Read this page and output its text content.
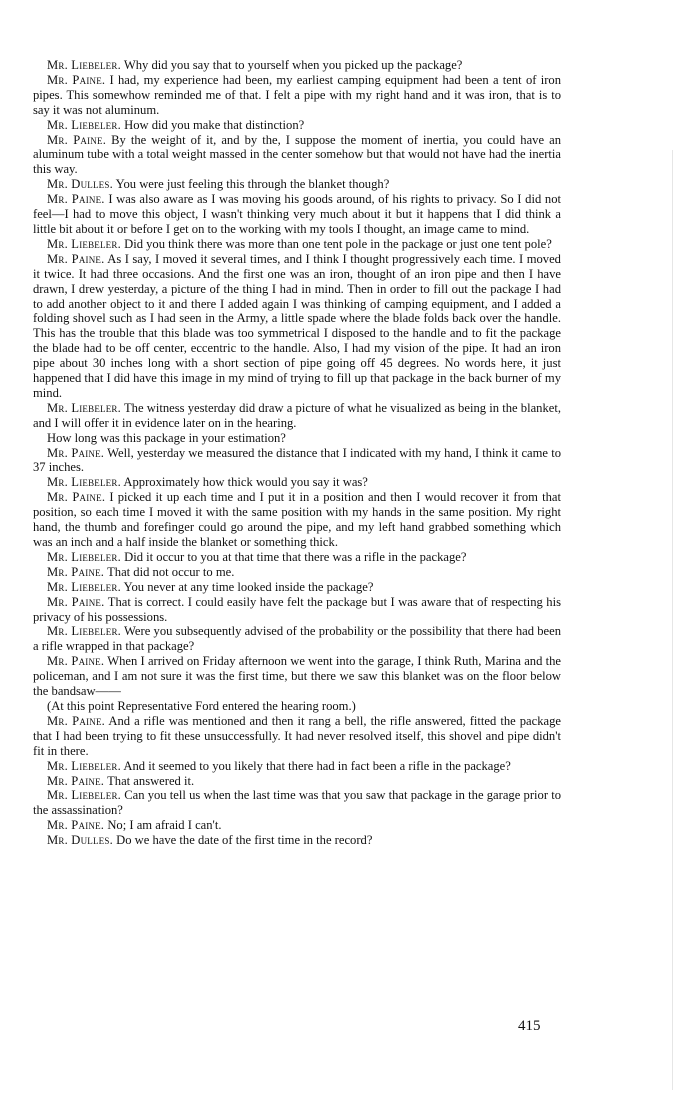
Mr. Liebeler. Why did you say that to yourself when you picked up the package?

Mr. Paine. I had, my experience had been, my earliest camping equipment had been a tent of iron pipes. This somewhow reminded me of that. I felt a pipe with my right hand and it was iron, that is to say it was not aluminum.

Mr. Liebeler. How did you make that distinction?

Mr. Paine. By the weight of it, and by the, I suppose the moment of inertia, you could have an aluminum tube with a total weight massed in the center somehow but that would not have had the inertia this way.

Mr. Dulles. You were just feeling this through the blanket though?

Mr. Paine. I was also aware as I was moving his goods around, of his rights to privacy. So I did not feel—I had to move this object, I wasn't thinking very much about it but it happens that I did think a little bit about it or before I get on to the working with my tools I thought, an image came to mind.

Mr. Liebeler. Did you think there was more than one tent pole in the package or just one tent pole?

Mr. Paine. As I say, I moved it several times, and I think I thought progressively each time. I moved it twice. It had three occasions. And the first one was an iron, thought of an iron pipe and then I have drawn, I drew yesterday, a picture of the thing I had in mind. Then in order to fill out the package I had to add another object to it and there I added again I was thinking of camping equipment, and I added a folding shovel such as I had seen in the Army, a little spade where the blade folds back over the handle. This has the trouble that this blade was too symmetrical I disposed to the handle and to fit the package the blade had to be off center, eccentric to the handle. Also, I had my vision of the pipe. It had an iron pipe about 30 inches long with a short section of pipe going off 45 degrees. No words here, it just happened that I did have this image in my mind of trying to fill up that package in the back burner of my mind.

Mr. Liebeler. The witness yesterday did draw a picture of what he visualized as being in the blanket, and I will offer it in evidence later on in the hearing.

How long was this package in your estimation?

Mr. Paine. Well, yesterday we measured the distance that I indicated with my hand, I think it came to 37 inches.

Mr. Liebeler. Approximately how thick would you say it was?

Mr. Paine. I picked it up each time and I put it in a position and then I would recover it from that position, so each time I moved it with the same position with my hands in the same position. My right hand, the thumb and forefinger could go around the pipe, and my left hand grabbed something which was an inch and a half inside the blanket or something thick.

Mr. Liebeler. Did it occur to you at that time that there was a rifle in the package?

Mr. Paine. That did not occur to me.

Mr. Liebeler. You never at any time looked inside the package?

Mr. Paine. That is correct. I could easily have felt the package but I was aware that of respecting his privacy of his possessions.

Mr. Liebeler. Were you subsequently advised of the probability or the possibility that there had been a rifle wrapped in that package?

Mr. Paine. When I arrived on Friday afternoon we went into the garage, I think Ruth, Marina and the policeman, and I am not sure it was the first time, but there we saw this blanket was on the floor below the bandsaw——

(At this point Representative Ford entered the hearing room.)

Mr. Paine. And a rifle was mentioned and then it rang a bell, the rifle answered, fitted the package that I had been trying to fit these unsuccessfully. It had never resolved itself, this shovel and pipe didn't fit in there.

Mr. Liebeler. And it seemed to you likely that there had in fact been a rifle in the package?

Mr. Paine. That answered it.

Mr. Liebeler. Can you tell us when the last time was that you saw that package in the garage prior to the assassination?

Mr. Paine. No; I am afraid I can't.

Mr. Dulles. Do we have the date of the first time in the record?

415
